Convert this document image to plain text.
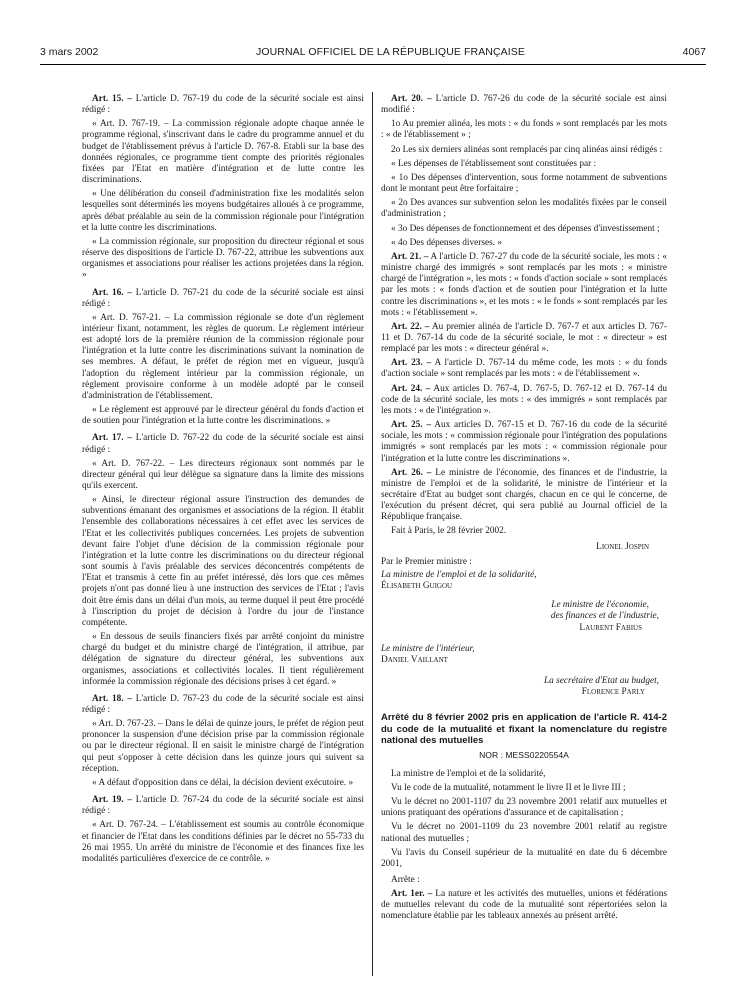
3 mars 2002	JOURNAL OFFICIEL DE LA RÉPUBLIQUE FRANÇAISE	4067

Art. 15. – L'article D. 767-19 du code de la sécurité sociale est ainsi rédigé :

« Art. D. 767-19. – La commission régionale adopte chaque année le programme régional, s'inscrivant dans le cadre du programme annuel et du budget de l'établissement prévus à l'article D. 767-8. Etabli sur la base des données régionales, ce programme tient compte des priorités régionales fixées par l'Etat en matière d'intégration et de lutte contre les discriminations.

« Une délibération du conseil d'administration fixe les modalités selon lesquelles sont déterminés les moyens budgétaires alloués à ce programme, après débat préalable au sein de la commission régionale pour l'intégration et la lutte contre les discriminations.

« La commission régionale, sur proposition du directeur régional et sous réserve des dispositions de l'article D. 767-22, attribue les subventions aux organismes et associations pour réaliser les actions projetées dans la région. »

Art. 16. – L'article D. 767-21 du code de la sécurité sociale est ainsi rédigé :

« Art. D. 767-21. – La commission régionale se dote d'un règlement intérieur fixant, notamment, les règles de quorum. Le règlement intérieur est adopté lors de la première réunion de la commission régionale pour l'intégration et la lutte contre les discriminations suivant la nomination de ses membres. A défaut, le préfet de région met en vigueur, jusqu'à l'adoption du règlement intérieur par la commission régionale, un règlement provisoire conforme à un modèle adopté par le conseil d'administration de l'établissement.

« Le règlement est approuvé par le directeur général du fonds d'action et de soutien pour l'intégration et la lutte contre les discriminations. »

Art. 17. – L'article D. 767-22 du code de la sécurité sociale est ainsi rédigé :

« Art. D. 767-22. – Les directeurs régionaux sont nommés par le directeur général qui leur délègue sa signature dans la limite des missions qu'ils exercent.

« Ainsi, le directeur régional assure l'instruction des demandes de subventions émanant des organismes et associations de la région. Il établit l'ensemble des collaborations nécessaires à cet effet avec les services de l'Etat et les collectivités publiques concernées. Les projets de subvention devant faire l'objet d'une décision de la commission régionale pour l'intégration et la lutte contre les discriminations ou du directeur régional sont soumis à l'avis préalable des services déconcentrés compétents de l'Etat et transmis à cette fin au préfet intéressé, dès lors que ces mêmes projets n'ont pas donné lieu à une instruction des services de l'Etat ; l'avis doit être émis dans un délai d'un mois, au terme duquel il peut être procédé à l'inscription du projet de décision à l'ordre du jour de l'instance compétente.

« En dessous de seuils financiers fixés par arrêté conjoint du ministre chargé du budget et du ministre chargé de l'intégration, il attribue, par délégation de signature du directeur général, les subventions aux organismes, associations et collectivités locales. Il tient régulièrement informée la commission régionale des décisions prises à cet égard. »

Art. 18. – L'article D. 767-23 du code de la sécurité sociale est ainsi rédigé :

« Art. D. 767-23. – Dans le délai de quinze jours, le préfet de région peut prononcer la suspension d'une décision prise par la commission régionale ou par le directeur régional. Il en saisit le ministre chargé de l'intégration qui peut s'opposer à cette décision dans les quinze jours qui suivent sa réception.

« A défaut d'opposition dans ce délai, la décision devient exécutoire. »

Art. 19. – L'article D. 767-24 du code de la sécurité sociale est ainsi rédigé :

« Art. D. 767-24. – L'établissement est soumis au contrôle économique et financier de l'Etat dans les conditions définies par le décret no 55-733 du 26 mai 1955. Un arrêté du ministre de l'économie et des finances fixe les modalités particulières d'exercice de ce contrôle. »

Art. 20. – L'article D. 767-26 du code de la sécurité sociale est ainsi modifié :

1o Au premier alinéa, les mots : « du fonds » sont remplacés par les mots : « de l'établissement » ;

2o Les six derniers alinéas sont remplacés par cinq alinéas ainsi rédigés :

« Les dépenses de l'établissement sont constituées par :

« 1o Des dépenses d'intervention, sous forme notamment de subventions dont le montant peut être forfaitaire ;

« 2o Des avances sur subvention selon les modalités fixées par le conseil d'administration ;

« 3o Des dépenses de fonctionnement et des dépenses d'investissement ;

« 4o Des dépenses diverses. »

Art. 21. – A l'article D. 767-27 du code de la sécurité sociale, les mots : « ministre chargé des immigrés » sont remplacés par les mots : « ministre chargé de l'intégration », les mots : « fonds d'action sociale » sont remplacés par les mots : « fonds d'action et de soutien pour l'intégration et la lutte contre les discriminations », et les mots : « le fonds » sont remplacés par les mots : « l'établissement ».

Art. 22. – Au premier alinéa de l'article D. 767-7 et aux articles D. 767-11 et D. 767-14 du code de la sécurité sociale, le mot : « directeur » est remplacé par les mots : « directeur général ».

Art. 23. – A l'article D. 767-14 du même code, les mots : « du fonds d'action sociale » sont remplacés par les mots : « de l'établissement ».

Art. 24. – Aux articles D. 767-4, D. 767-5, D. 767-12 et D. 767-14 du code de la sécurité sociale, les mots : « des immigrés » sont remplacés par les mots : « de l'intégration ».

Art. 25. – Aux articles D. 767-15 et D. 767-16 du code de la sécurité sociale, les mots : « commission régionale pour l'intégration des populations immigrés » sont remplacés par les mots : « commission régionale pour l'intégration et la lutte contre les discriminations ».

Art. 26. – Le ministre de l'économie, des finances et de l'industrie, la ministre de l'emploi et de la solidarité, le ministre de l'intérieur et la secrétaire d'Etat au budget sont chargés, chacun en ce qui le concerne, de l'exécution du présent décret, qui sera publié au Journal officiel de la République française.

Fait à Paris, le 28 février 2002.

Lionel Jospin

Par le Premier ministre :

La ministre de l'emploi et de la solidarité,

Élisabeth Guigou

Le ministre de l'économie,

des finances et de l'industrie,

Laurent Fabius

Le ministre de l'intérieur,

Daniel Vaillant

La secrétaire d'Etat au budget,

Florence Parly

Arrêté du 8 février 2002 pris en application de l'article R. 414-2 du code de la mutualité et fixant la nomenclature du registre national des mutuelles

NOR : MESS0220554A

La ministre de l'emploi et de la solidarité,

Vu le code de la mutualité, notamment le livre II et le livre III ;

Vu le décret no 2001-1107 du 23 novembre 2001 relatif aux mutuelles et unions pratiquant des opérations d'assurance et de capitalisation ;

Vu le décret no 2001-1109 du 23 novembre 2001 relatif au registre national des mutuelles ;

Vu l'avis du Conseil supérieur de la mutualité en date du 6 décembre 2001,

Arrête :

Art. 1er. – La nature et les activités des mutuelles, unions et fédérations de mutuelles relevant du code de la mutualité sont répertoriées selon la nomenclature établie par les tableaux annexés au présent arrêté.
